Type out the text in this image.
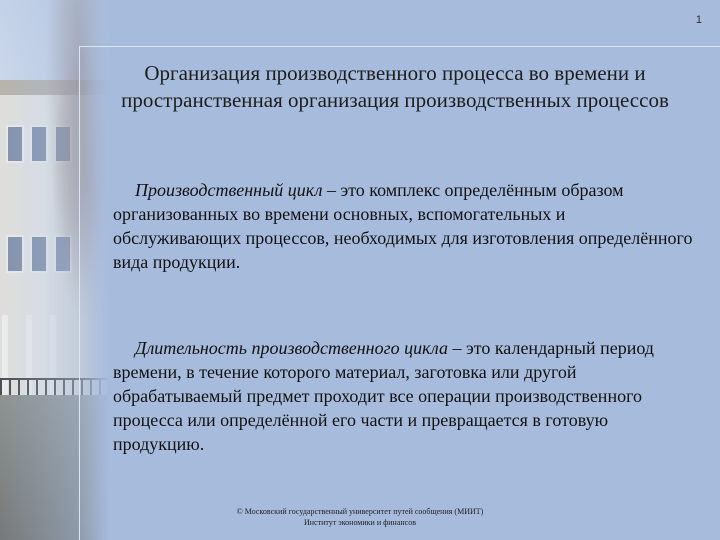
1
Организация производственного процесса во времени и пространственная организация производственных процессов
Производственный цикл – это комплекс определённым образом организованных во времени основных, вспомогательных и обслуживающих процессов, необходимых для изготовления определённого вида продукции.
Длительность производственного цикла – это календарный период времени, в течение которого материал, заготовка или другой обрабатываемый предмет проходит все операции производственного процесса или определённой его части и превращается в готовую продукцию.
© Московский государственный университет путей сообщения (МИИТ)
Институт экономики и финансов
